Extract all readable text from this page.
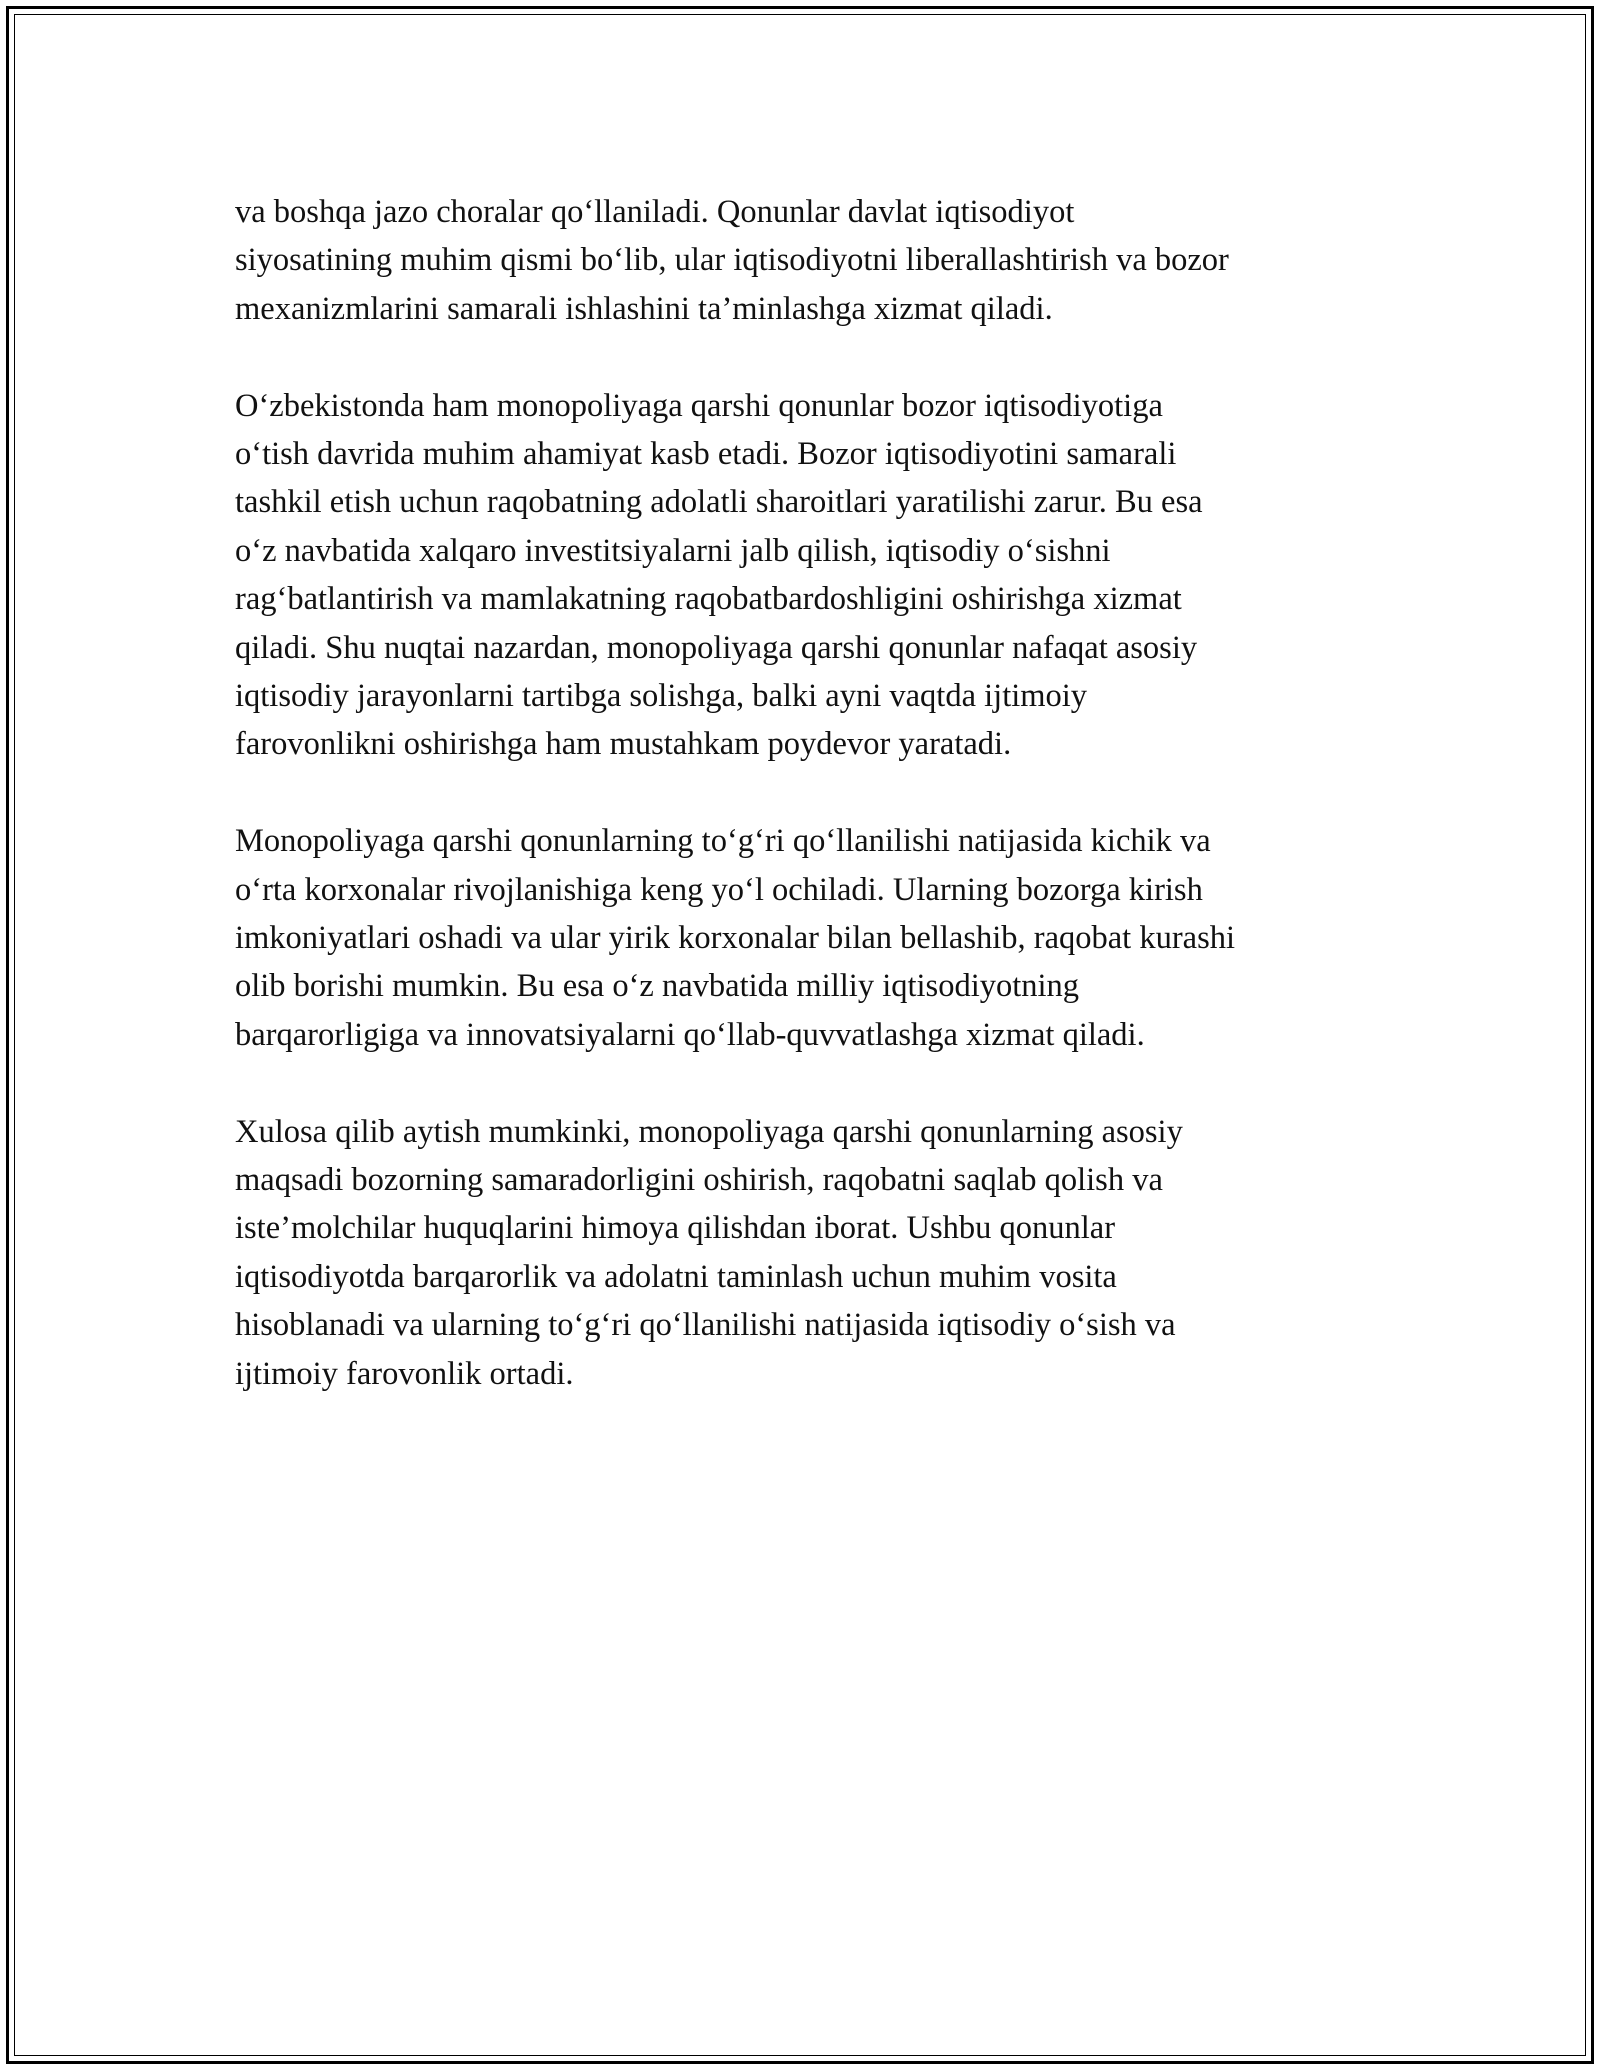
va boshqa jazo choralar qo‘llaniladi. Qonunlar davlat iqtisodiyot
siyosatining muhim qismi bo‘lib, ular iqtisodiyotni liberallashtirish va bozor
mexanizmlarini samarali ishlashini ta’minlashga xizmat qiladi.

O‘zbekistonda ham monopoliyaga qarshi qonunlar bozor iqtisodiyotiga
o‘tish davrida muhim ahamiyat kasb etadi. Bozor iqtisodiyotini samarali
tashkil etish uchun raqobatning adolatli sharoitlari yaratilishi zarur. Bu esa
o‘z navbatida xalqaro investitsiyalarni jalb qilish, iqtisodiy o‘sishni
rag‘batlantirish va mamlakatning raqobatbardoshligini oshirishga xizmat
qiladi. Shu nuqtai nazardan, monopoliyaga qarshi qonunlar nafaqat asosiy
iqtisodiy jarayonlarni tartibga solishga, balki ayni vaqtda ijtimoiy
farovonlikni oshirishga ham mustahkam poydevor yaratadi.

Monopoliyaga qarshi qonunlarning to‘g‘ri qo‘llanilishi natijasida kichik va
o‘rta korxonalar rivojlanishiga keng yo‘l ochiladi. Ularning bozorga kirish
imkoniyatlari oshadi va ular yirik korxonalar bilan bellashib, raqobat kurashi
olib borishi mumkin. Bu esa o‘z navbatida milliy iqtisodiyotning
barqarorligiga va innovatsiyalarni qo‘llab-quvvatlashga xizmat qiladi.

Xulosa qilib aytish mumkinki, monopoliyaga qarshi qonunlarning asosiy
maqsadi bozorning samaradorligini oshirish, raqobatni saqlab qolish va
iste’molchilar huquqlarini himoya qilishdan iborat. Ushbu qonunlar
iqtisodiyotda barqarorlik va adolatni taminlash uchun muhim vosita
hisoblanadi va ularning to‘g‘ri qo‘llanilishi natijasida iqtisodiy o‘sish va
ijtimoiy farovonlik ortadi.
